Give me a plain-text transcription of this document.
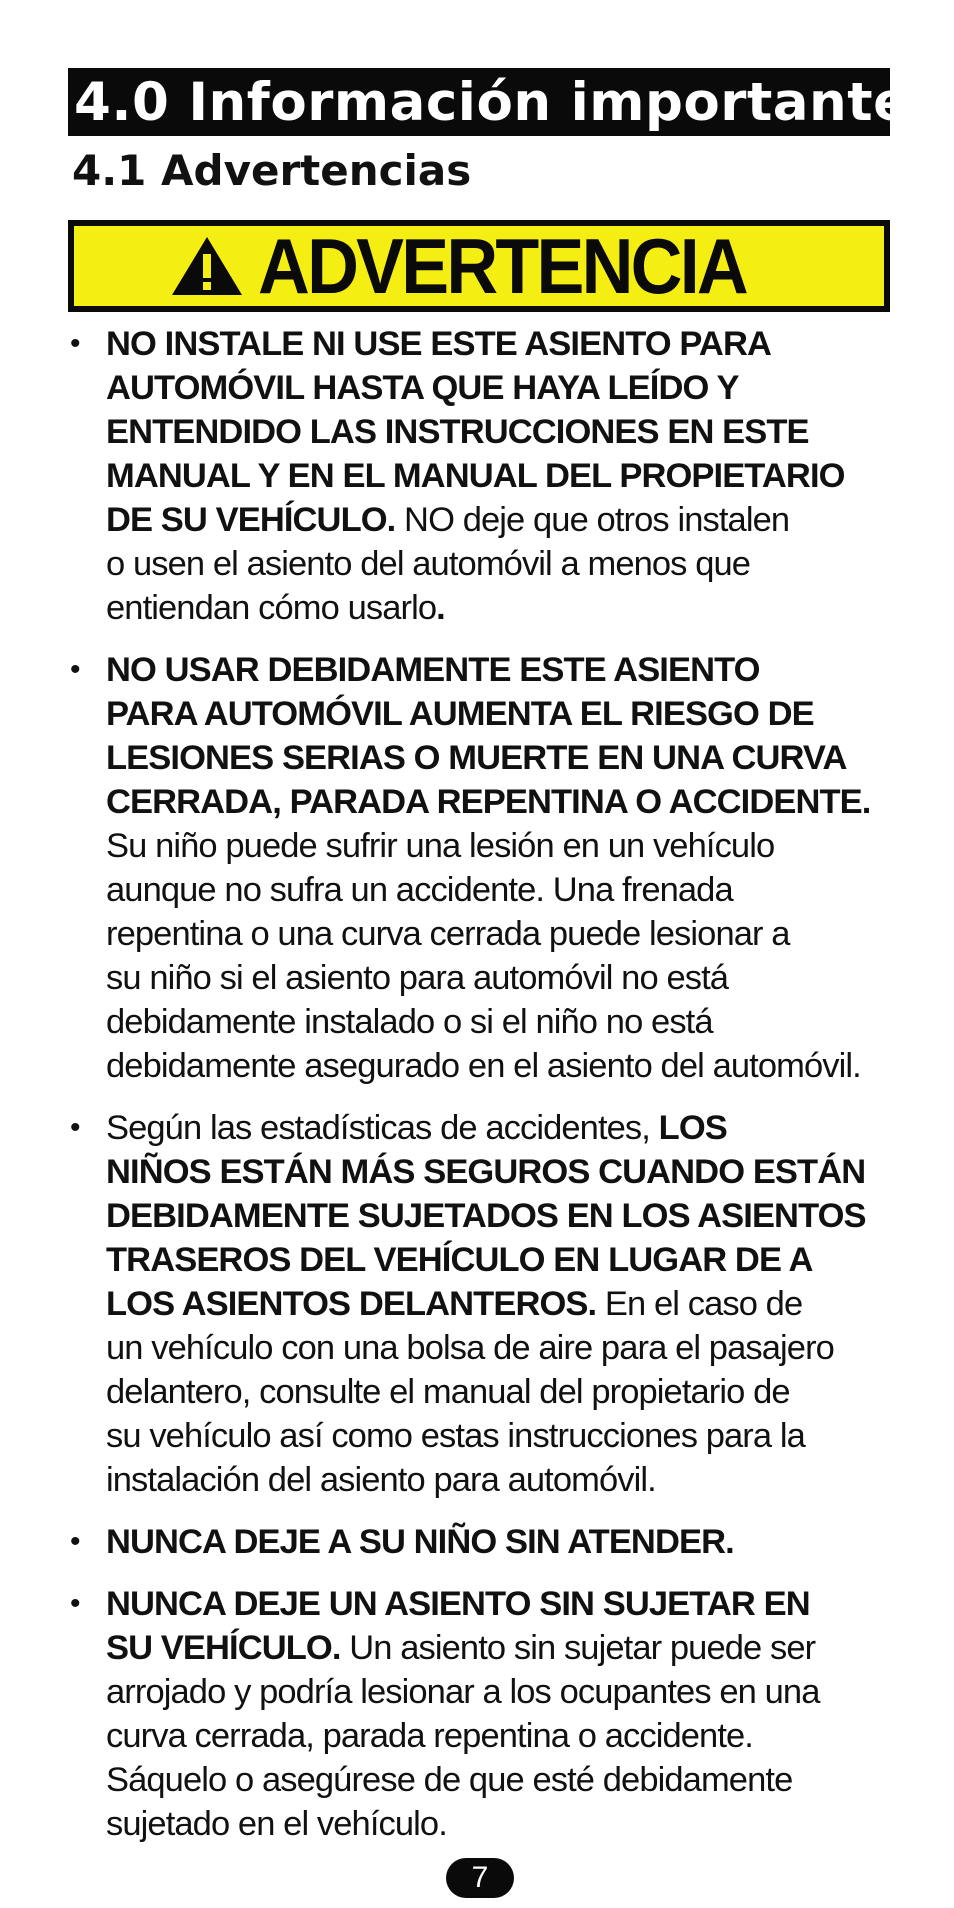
4.0 Información importante
4.1 Advertencias
ADVERTENCIA
• NO INSTALE NI USE ESTE ASIENTO PARA
AUTOMÓVIL HASTA QUE HAYA LEÍDO Y
ENTENDIDO LAS INSTRUCCIONES EN ESTE
MANUAL Y EN EL MANUAL DEL PROPIETARIO
DE SU VEHÍCULO. NO deje que otros instalen
o usen el asiento del automóvil a menos que
entiendan cómo usarlo.
• NO USAR DEBIDAMENTE ESTE ASIENTO
PARA AUTOMÓVIL AUMENTA EL RIESGO DE
LESIONES SERIAS O MUERTE EN UNA CURVA
CERRADA, PARADA REPENTINA O ACCIDENTE.
Su niño puede sufrir una lesión en un vehículo
aunque no sufra un accidente. Una frenada
repentina o una curva cerrada puede lesionar a
su niño si el asiento para automóvil no está
debidamente instalado o si el niño no está
debidamente asegurado en el asiento del automóvil.
• Según las estadísticas de accidentes, LOS
NIÑOS ESTÁN MÁS SEGUROS CUANDO ESTÁN
DEBIDAMENTE SUJETADOS EN LOS ASIENTOS
TRASEROS DEL VEHÍCULO EN LUGAR DE A
LOS ASIENTOS DELANTEROS. En el caso de
un vehículo con una bolsa de aire para el pasajero
delantero, consulte el manual del propietario de
su vehículo así como estas instrucciones para la
instalación del asiento para automóvil.
• NUNCA DEJE A SU NIÑO SIN ATENDER.
• NUNCA DEJE UN ASIENTO SIN SUJETAR EN
SU VEHÍCULO. Un asiento sin sujetar puede ser
arrojado y podría lesionar a los ocupantes en una
curva cerrada, parada repentina o accidente.
Sáquelo o asegúrese de que esté debidamente
sujetado en el vehículo.
7
